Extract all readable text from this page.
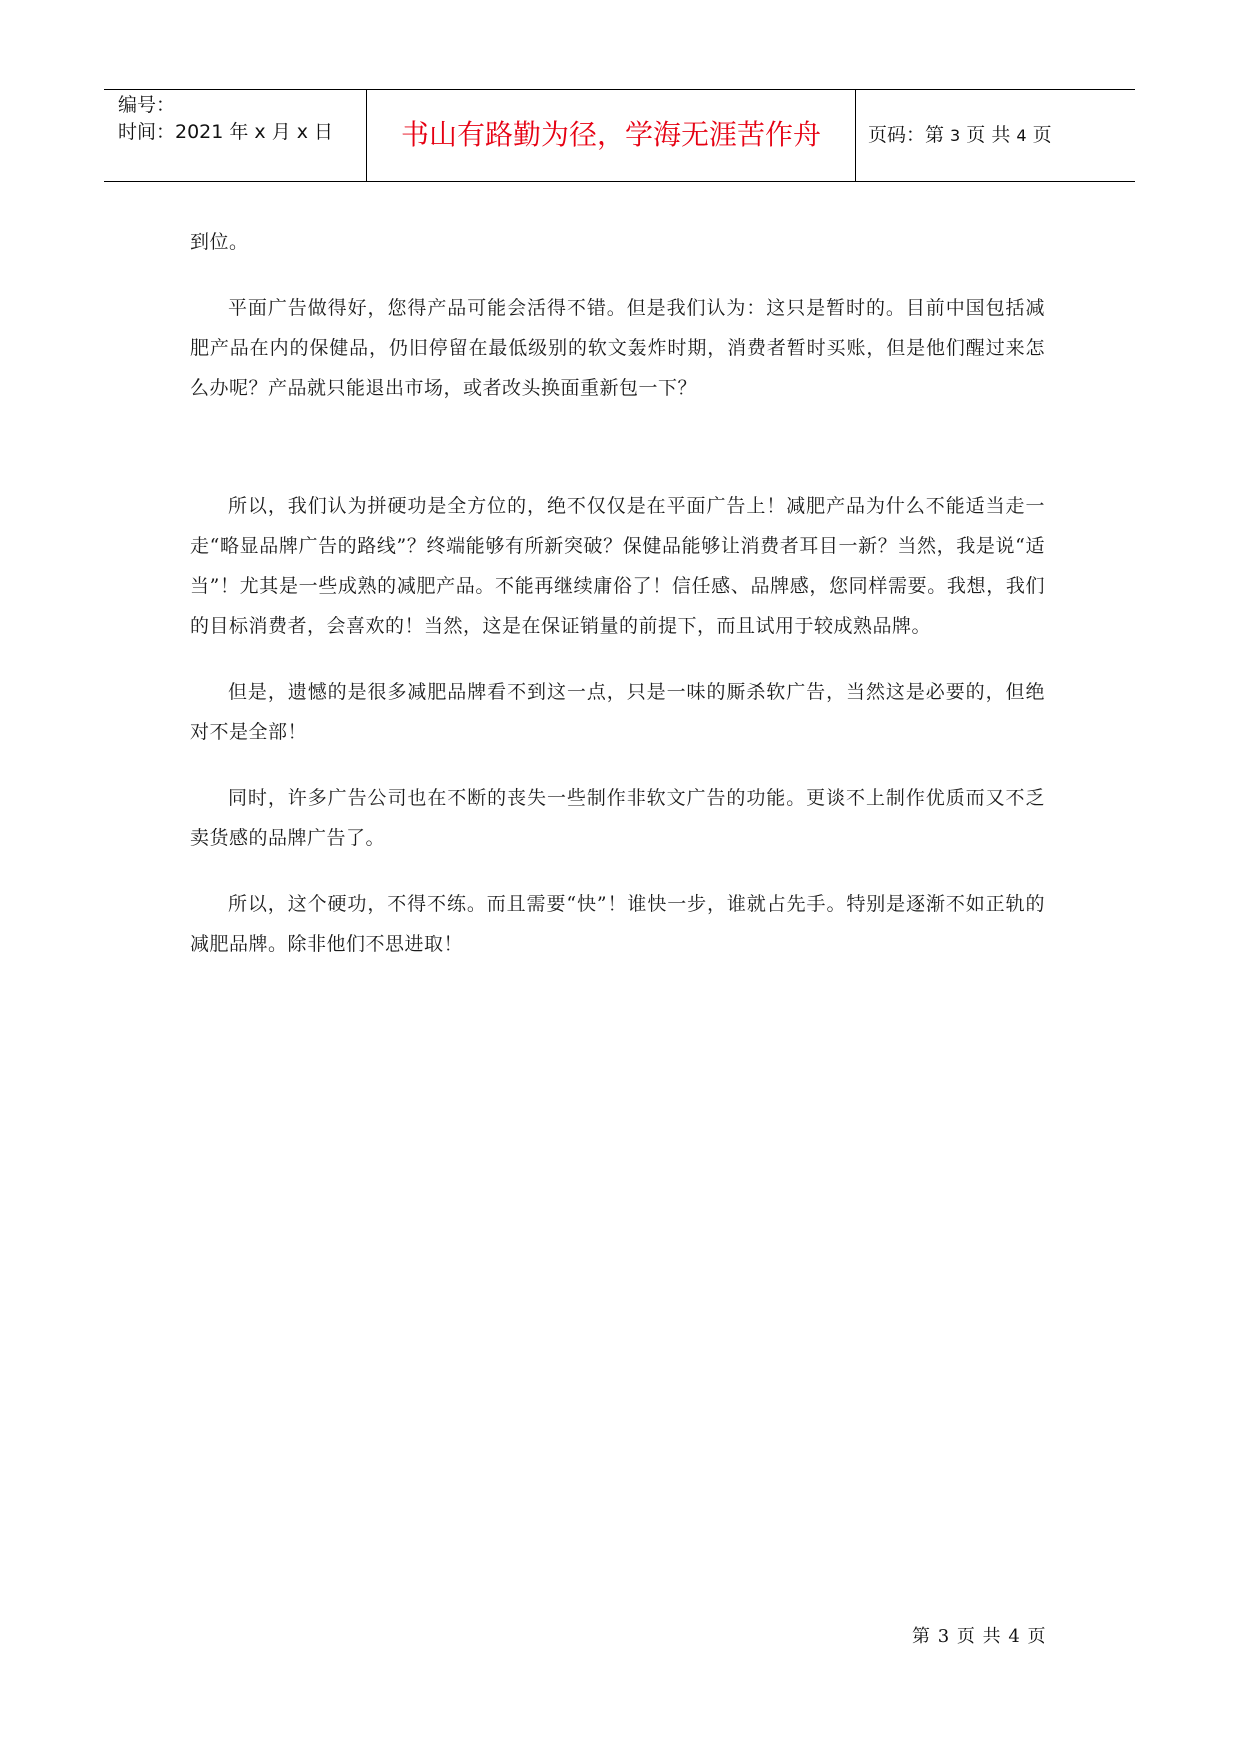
编号：
时间：2021 年 x 月 x 日	书山有路勤为径，学海无涯苦作舟	页码：第 3 页 共 4 页

到位。

平面广告做得好，您得产品可能会活得不错。但是我们认为：这只是暂时的。目前中国包括减肥产品在内的保健品，仍旧停留在最低级别的软文轰炸时期，消费者暂时买账，但是他们醒过来怎么办呢？产品就只能退出市场，或者改头换面重新包一下？

所以，我们认为拼硬功是全方位的，绝不仅仅是在平面广告上！减肥产品为什么不能适当走一走“略显品牌广告的路线”？终端能够有所新突破？保健品能够让消费者耳目一新？当然，我是说“适当”！尤其是一些成熟的减肥产品。不能再继续庸俗了！信任感、品牌感，您同样需要。我想，我们的目标消费者，会喜欢的！当然，这是在保证销量的前提下，而且试用于较成熟品牌。

但是，遗憾的是很多减肥品牌看不到这一点，只是一味的厮杀软广告，当然这是必要的，但绝对不是全部！

同时，许多广告公司也在不断的丧失一些制作非软文广告的功能。更谈不上制作优质而又不乏卖货感的品牌广告了。

所以，这个硬功，不得不练。而且需要“快”！谁快一步，谁就占先手。特别是逐渐不如正轨的减肥品牌。除非他们不思进取！

第 3 页 共 4 页
